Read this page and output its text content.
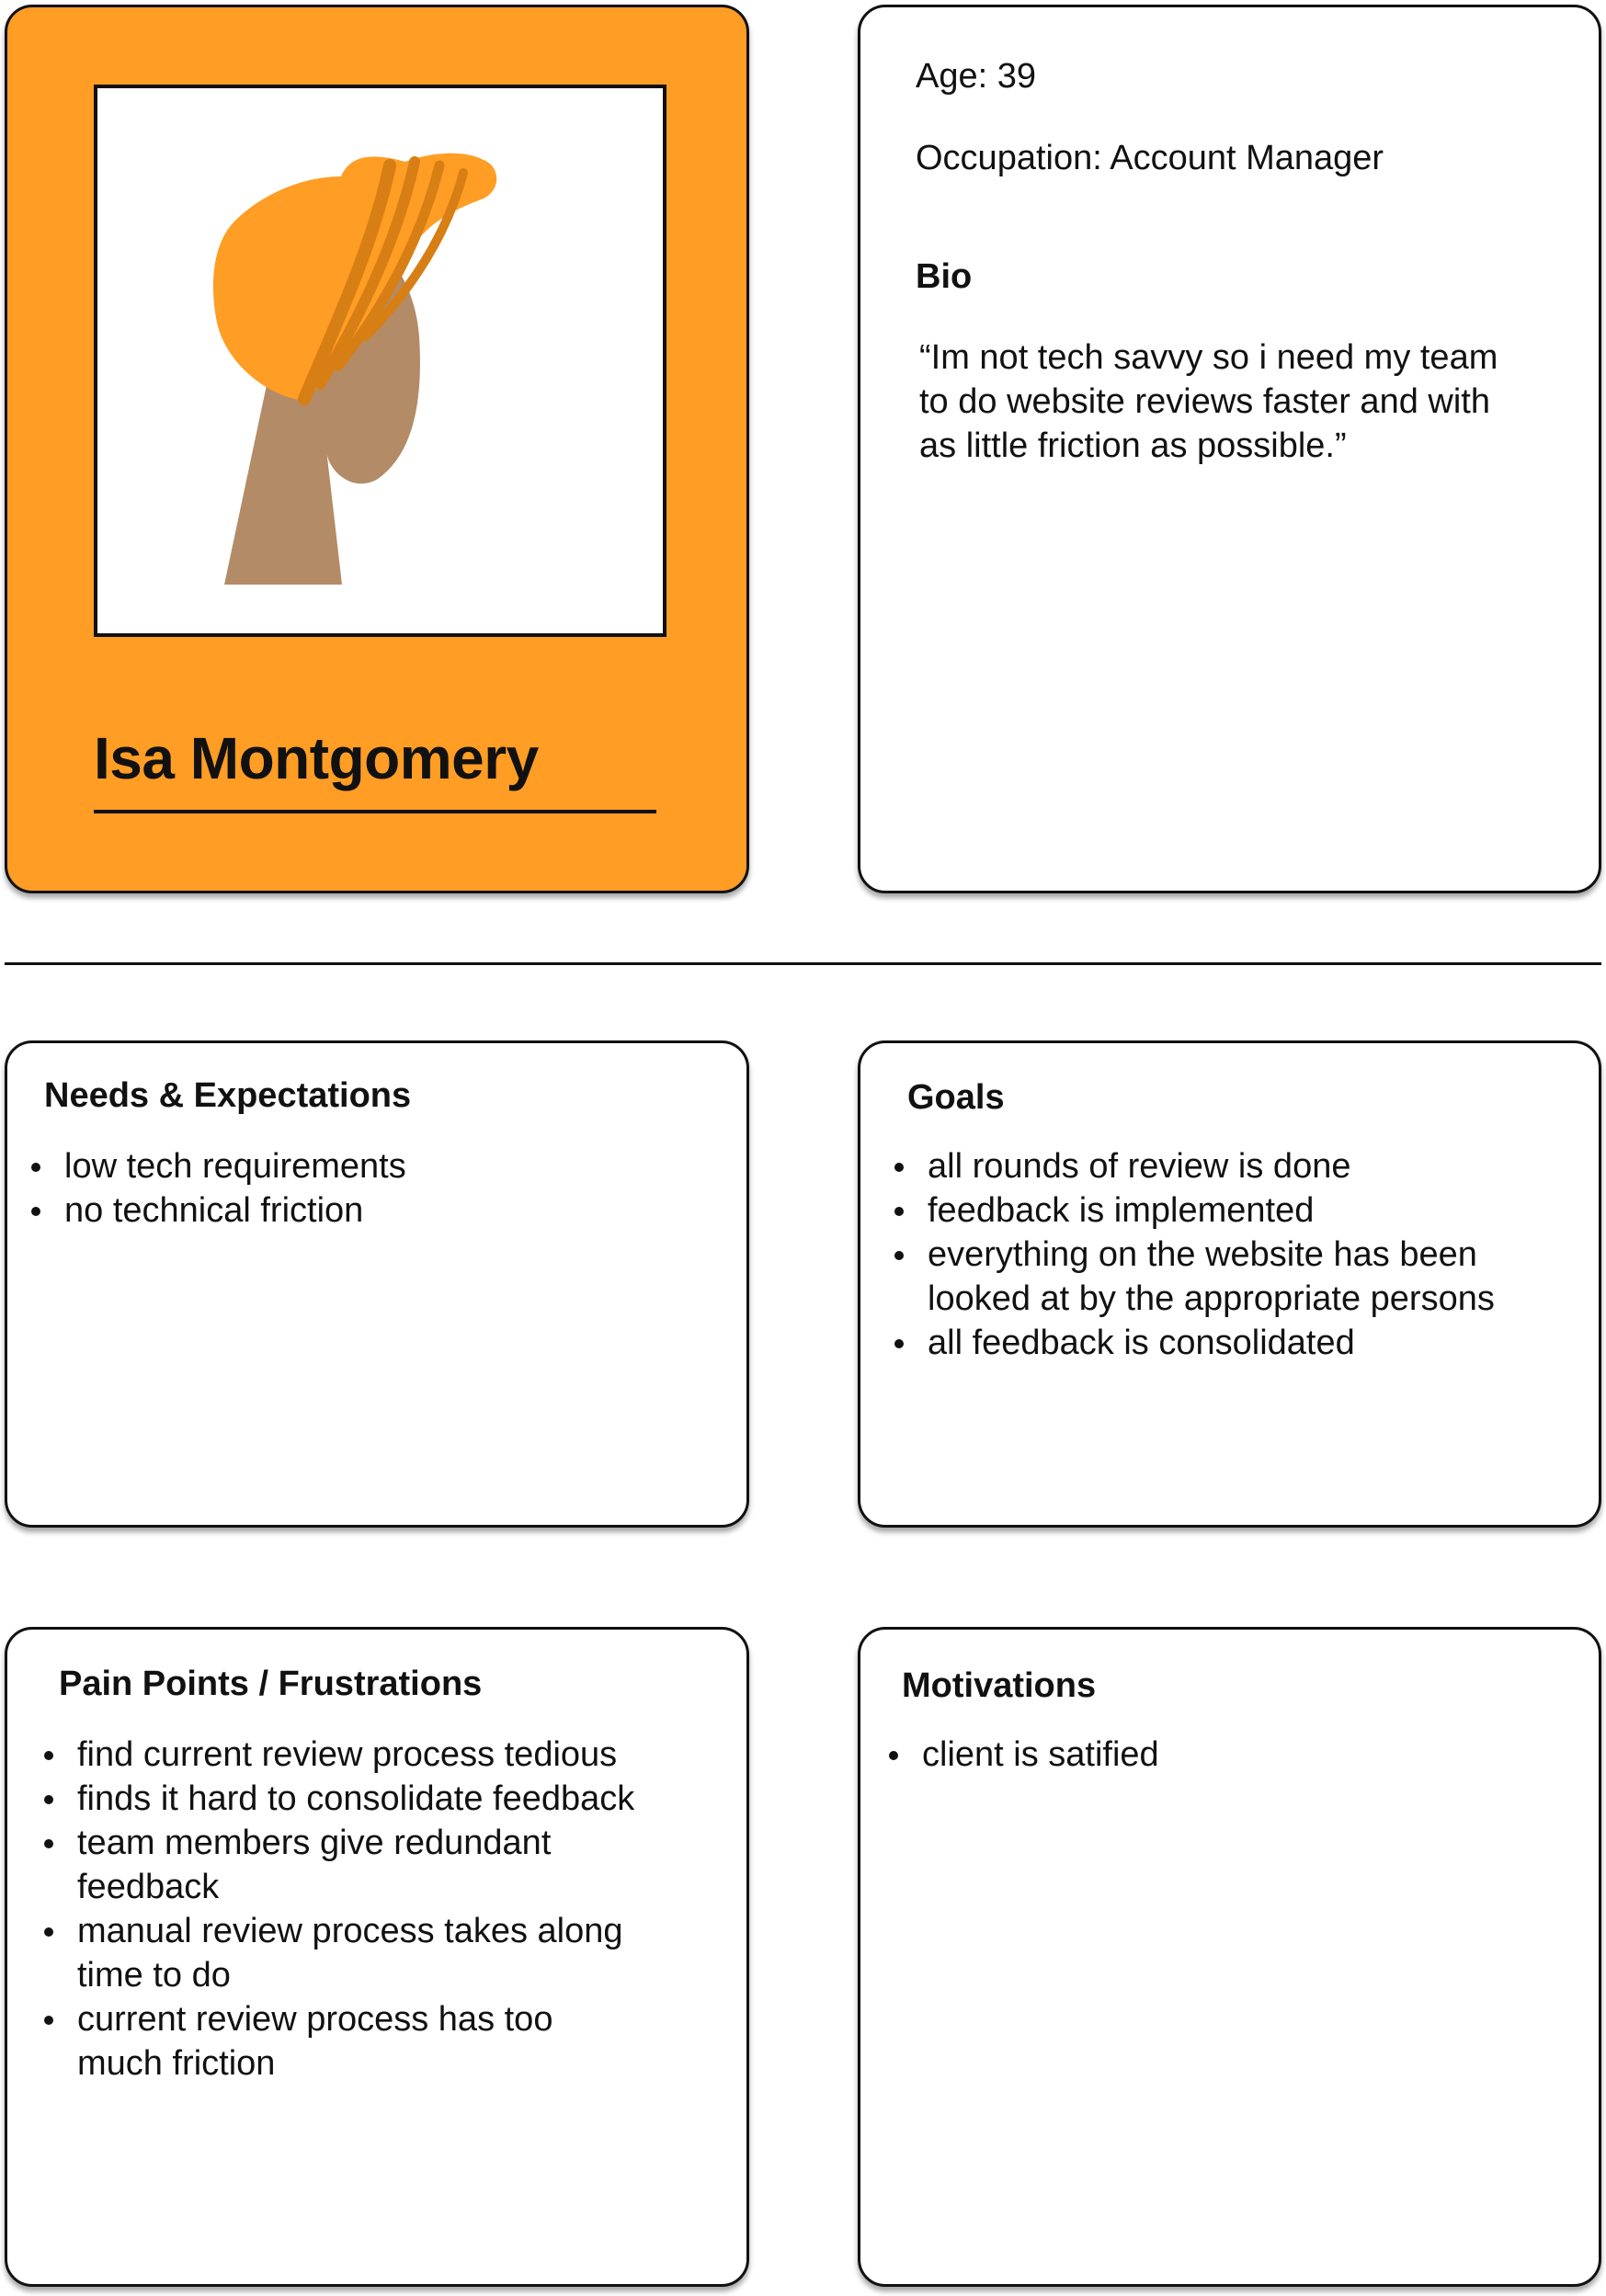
Isa Montgomery
Age: 39
Occupation: Account Manager
Bio
“Im not tech savvy so i need my team to do website reviews faster and with as little friction as possible.”
Needs & Expectations
low tech requirements
no technical friction
Goals
all rounds of review is done
feedback is implemented
everything on the website has been looked at by the appropriate persons
all feedback is consolidated
Pain Points / Frustrations
find current review process tedious
finds it hard to consolidate feedback
team members give redundant feedback
manual review process takes along time to do
current review process has too much friction
Motivations
client is satified
